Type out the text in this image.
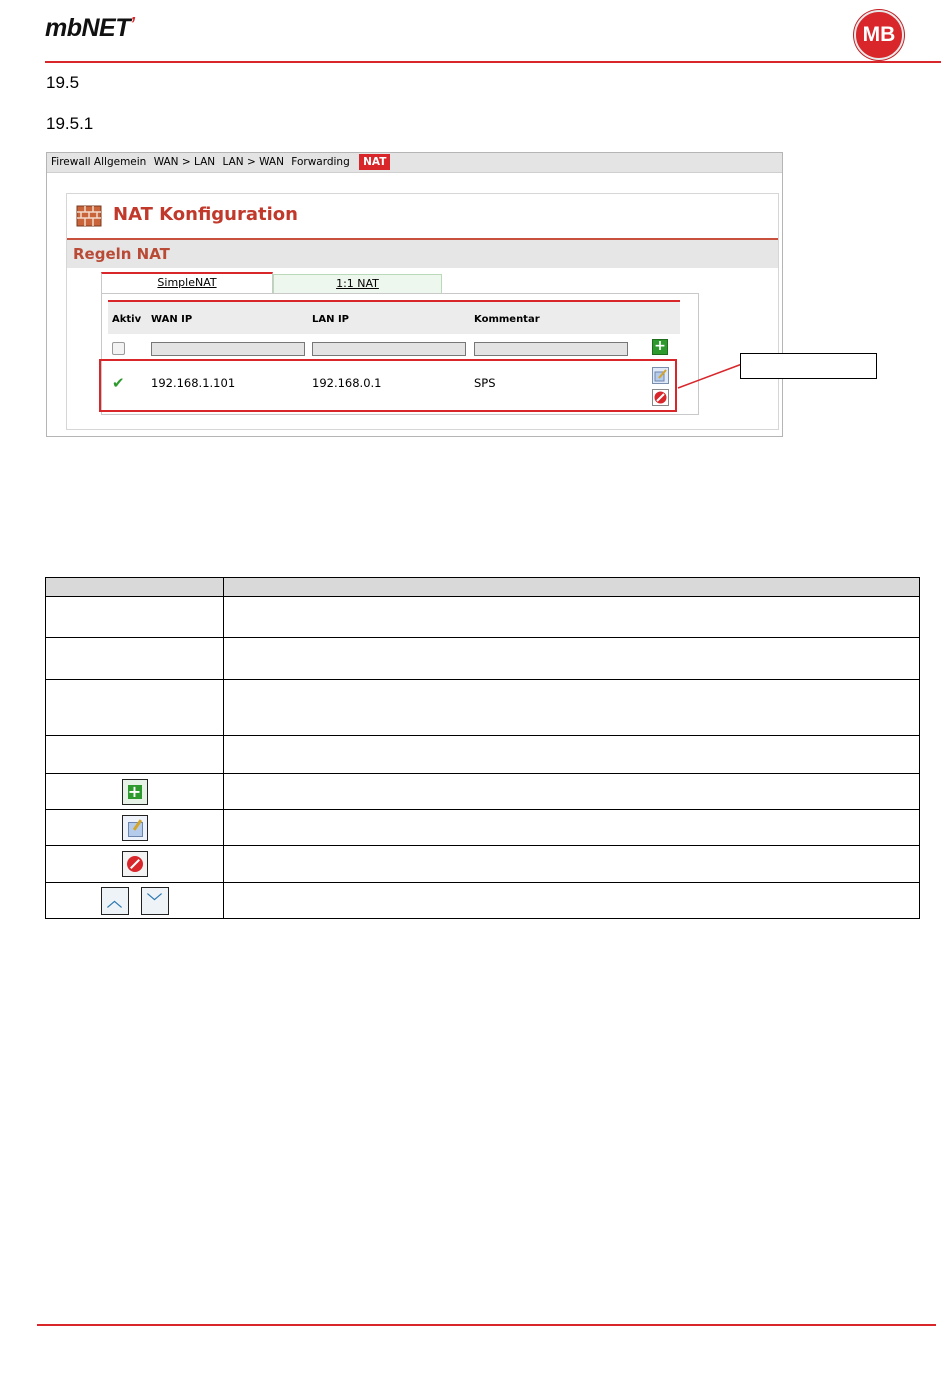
mbNET’	MB
19.5
19.5.1
Firewall Allgemein WAN > LAN LAN > WAN Forwarding NAT
NAT Konfiguration
Regeln NAT
SimpleNAT	1:1 NAT
Aktiv WAN IP	LAN IP	Kommentar
+
✔ 192.168.1.101	192.168.0.1	SPS

+	

︿ ﹀	
